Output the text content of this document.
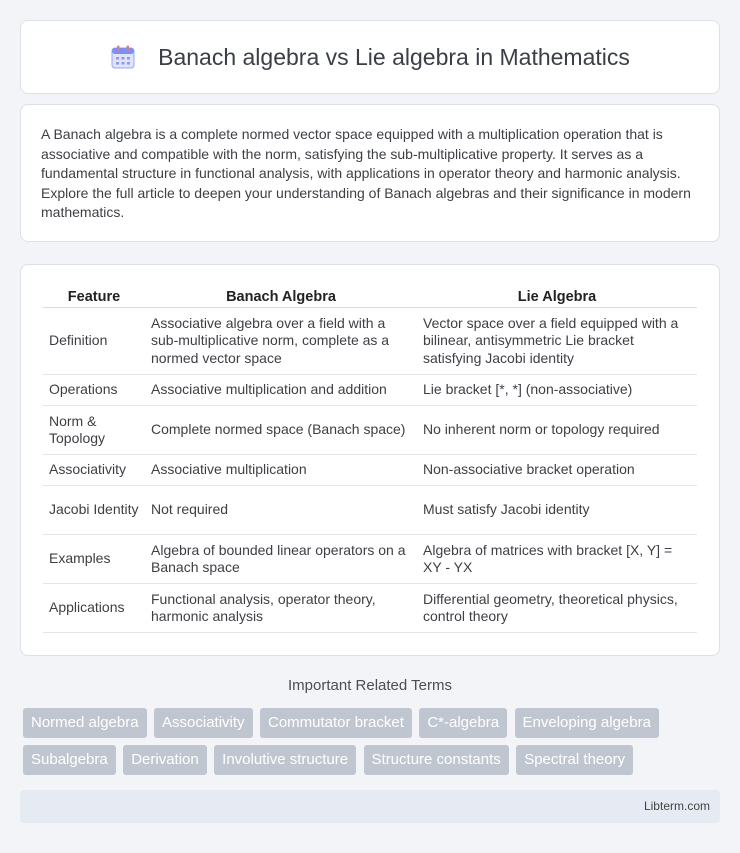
Banach algebra vs Lie algebra in Mathematics

A Banach algebra is a complete normed vector space equipped with a multiplication operation that is associative and compatible with the norm, satisfying the sub-multiplicative property. It serves as a fundamental structure in functional analysis, with applications in operator theory and harmonic analysis. Explore the full article to deepen your understanding of Banach algebras and their significance in modern mathematics.

Feature	Banach Algebra	Lie Algebra
Definition	Associative algebra over a field with a sub-multiplicative norm, complete as a normed vector space	Vector space over a field equipped with a bilinear, antisymmetric Lie bracket satisfying Jacobi identity
Operations	Associative multiplication and addition	Lie bracket [*, *] (non-associative)
Norm & Topology	Complete normed space (Banach space)	No inherent norm or topology required
Associativity	Associative multiplication	Non-associative bracket operation
Jacobi Identity	Not required	Must satisfy Jacobi identity
Examples	Algebra of bounded linear operators on a Banach space	Algebra of matrices with bracket [X, Y] = XY - YX
Applications	Functional analysis, operator theory, harmonic analysis	Differential geometry, theoretical physics, control theory
Important Related Terms
Normed algebra Associativity Commutator bracket C*-algebra Enveloping algebra
Subalgebra Derivation Involutive structure Structure constants Spectral theory
Libterm.com
